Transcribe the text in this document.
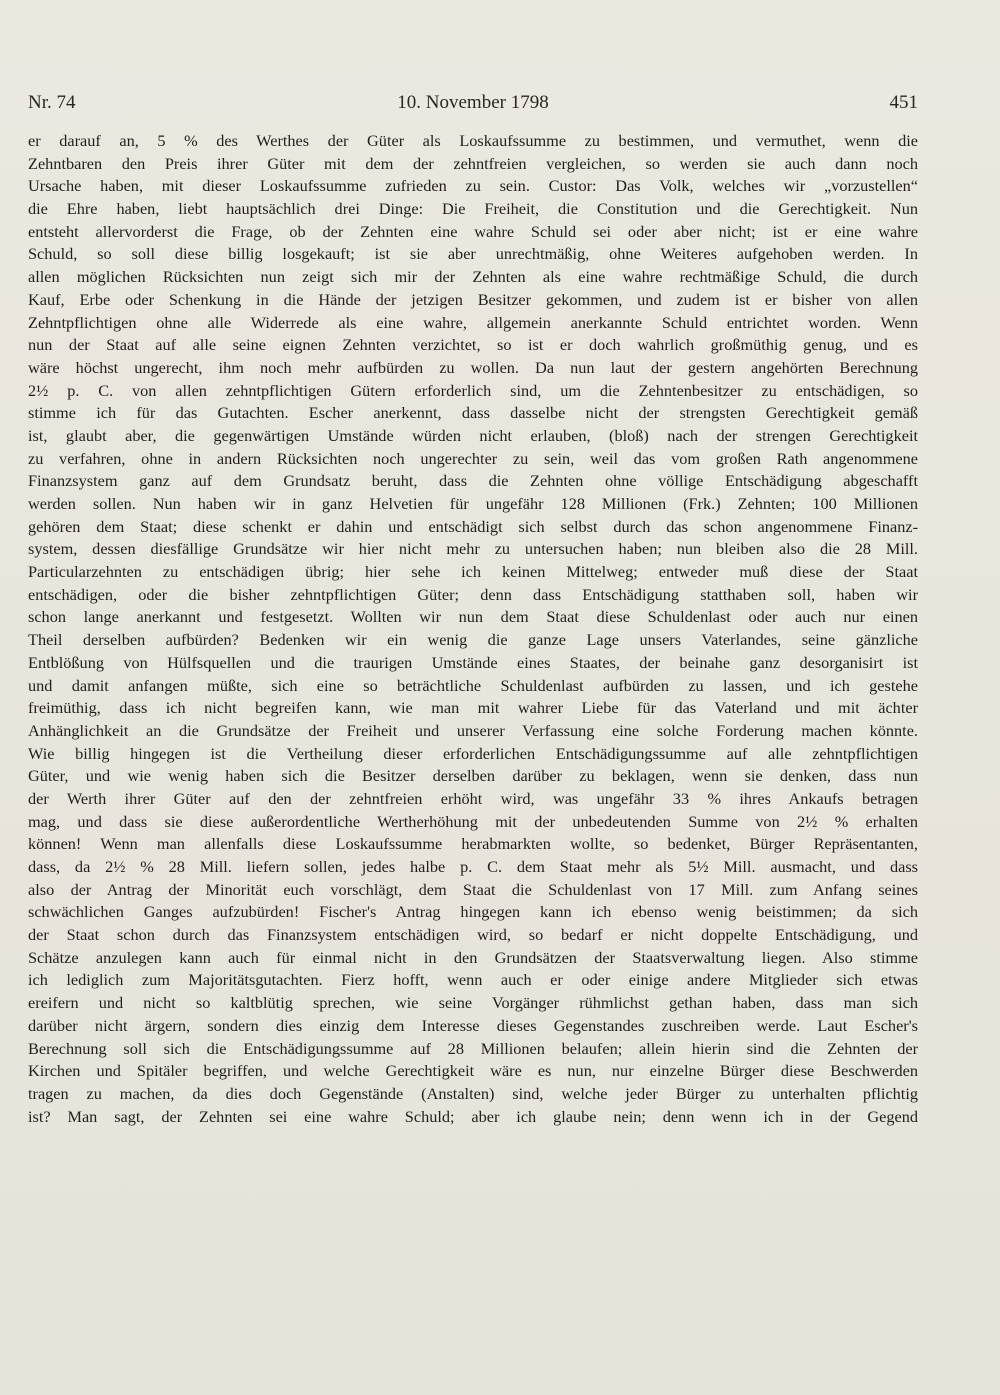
Nr. 74	10. November 1798	451
er darauf an, 5 % des Werthes der Güter als Loskaufssumme zu bestimmen, und vermuthet, wenn die
Zehntbaren den Preis ihrer Güter mit dem der zehntfreien vergleichen, so werden sie auch dann noch
Ursache haben, mit dieser Loskaufssumme zufrieden zu sein. Custor: Das Volk, welches wir „vorzustellen“
die Ehre haben, liebt hauptsächlich drei Dinge: Die Freiheit, die Constitution und die Gerechtigkeit. Nun
entsteht allervorderst die Frage, ob der Zehnten eine wahre Schuld sei oder aber nicht; ist er eine wahre
Schuld, so soll diese billig losgekauft; ist sie aber unrechtmäßig, ohne Weiteres aufgehoben werden. In
allen möglichen Rücksichten nun zeigt sich mir der Zehnten als eine wahre rechtmäßige Schuld, die durch
Kauf, Erbe oder Schenkung in die Hände der jetzigen Besitzer gekommen, und zudem ist er bisher von allen
Zehntpflichtigen ohne alle Widerrede als eine wahre, allgemein anerkannte Schuld entrichtet worden. Wenn
nun der Staat auf alle seine eignen Zehnten verzichtet, so ist er doch wahrlich großmüthig genug, und es
wäre höchst ungerecht, ihm noch mehr aufbürden zu wollen. Da nun laut der gestern angehörten Berechnung
2½ p. C. von allen zehntpflichtigen Gütern erforderlich sind, um die Zehntenbesitzer zu entschädigen, so
stimme ich für das Gutachten. Escher anerkennt, dass dasselbe nicht der strengsten Gerechtigkeit gemäß
ist, glaubt aber, die gegenwärtigen Umstände würden nicht erlauben, (bloß) nach der strengen Gerechtigkeit
zu verfahren, ohne in andern Rücksichten noch ungerechter zu sein, weil das vom großen Rath angenommene
Finanzsystem ganz auf dem Grundsatz beruht, dass die Zehnten ohne völlige Entschädigung abgeschafft
werden sollen. Nun haben wir in ganz Helvetien für ungefähr 128 Millionen (Frk.) Zehnten; 100 Millionen
gehören dem Staat; diese schenkt er dahin und entschädigt sich selbst durch das schon angenommene Finanz-
system, dessen diesfällige Grundsätze wir hier nicht mehr zu untersuchen haben; nun bleiben also die 28 Mill.
Particularzehnten zu entschädigen übrig; hier sehe ich keinen Mittelweg; entweder muß diese der Staat
entschädigen, oder die bisher zehntpflichtigen Güter; denn dass Entschädigung statthaben soll, haben wir
schon lange anerkannt und festgesetzt. Wollten wir nun dem Staat diese Schuldenlast oder auch nur einen
Theil derselben aufbürden? Bedenken wir ein wenig die ganze Lage unsers Vaterlandes, seine gänzliche
Entblößung von Hülfsquellen und die traurigen Umstände eines Staates, der beinahe ganz desorganisirt ist
und damit anfangen müßte, sich eine so beträchtliche Schuldenlast aufbürden zu lassen, und ich gestehe
freimüthig, dass ich nicht begreifen kann, wie man mit wahrer Liebe für das Vaterland und mit ächter
Anhänglichkeit an die Grundsätze der Freiheit und unserer Verfassung eine solche Forderung machen könnte.
Wie billig hingegen ist die Vertheilung dieser erforderlichen Entschädigungssumme auf alle zehntpflichtigen
Güter, und wie wenig haben sich die Besitzer derselben darüber zu beklagen, wenn sie denken, dass nun
der Werth ihrer Güter auf den der zehntfreien erhöht wird, was ungefähr 33 % ihres Ankaufs betragen
mag, und dass sie diese außerordentliche Wertherhöhung mit der unbedeutenden Summe von 2½ % erhalten
können! Wenn man allenfalls diese Loskaufssumme herabmarkten wollte, so bedenket, Bürger Repräsentanten,
dass, da 2½ % 28 Mill. liefern sollen, jedes halbe p. C. dem Staat mehr als 5½ Mill. ausmacht, und dass
also der Antrag der Minorität euch vorschlägt, dem Staat die Schuldenlast von 17 Mill. zum Anfang seines
schwächlichen Ganges aufzubürden! Fischer's Antrag hingegen kann ich ebenso wenig beistimmen; da sich
der Staat schon durch das Finanzsystem entschädigen wird, so bedarf er nicht doppelte Entschädigung, und
Schätze anzulegen kann auch für einmal nicht in den Grundsätzen der Staatsverwaltung liegen. Also stimme
ich lediglich zum Majoritätsgutachten. Fierz hofft, wenn auch er oder einige andere Mitglieder sich etwas
ereifern und nicht so kaltblütig sprechen, wie seine Vorgänger rühmlichst gethan haben, dass man sich
darüber nicht ärgern, sondern dies einzig dem Interesse dieses Gegenstandes zuschreiben werde. Laut Escher's
Berechnung soll sich die Entschädigungssumme auf 28 Millionen belaufen; allein hierin sind die Zehnten der
Kirchen und Spitäler begriffen, und welche Gerechtigkeit wäre es nun, nur einzelne Bürger diese Beschwerden
tragen zu machen, da dies doch Gegenstände (Anstalten) sind, welche jeder Bürger zu unterhalten pflichtig
ist? Man sagt, der Zehnten sei eine wahre Schuld; aber ich glaube nein; denn wenn ich in der Gegend
